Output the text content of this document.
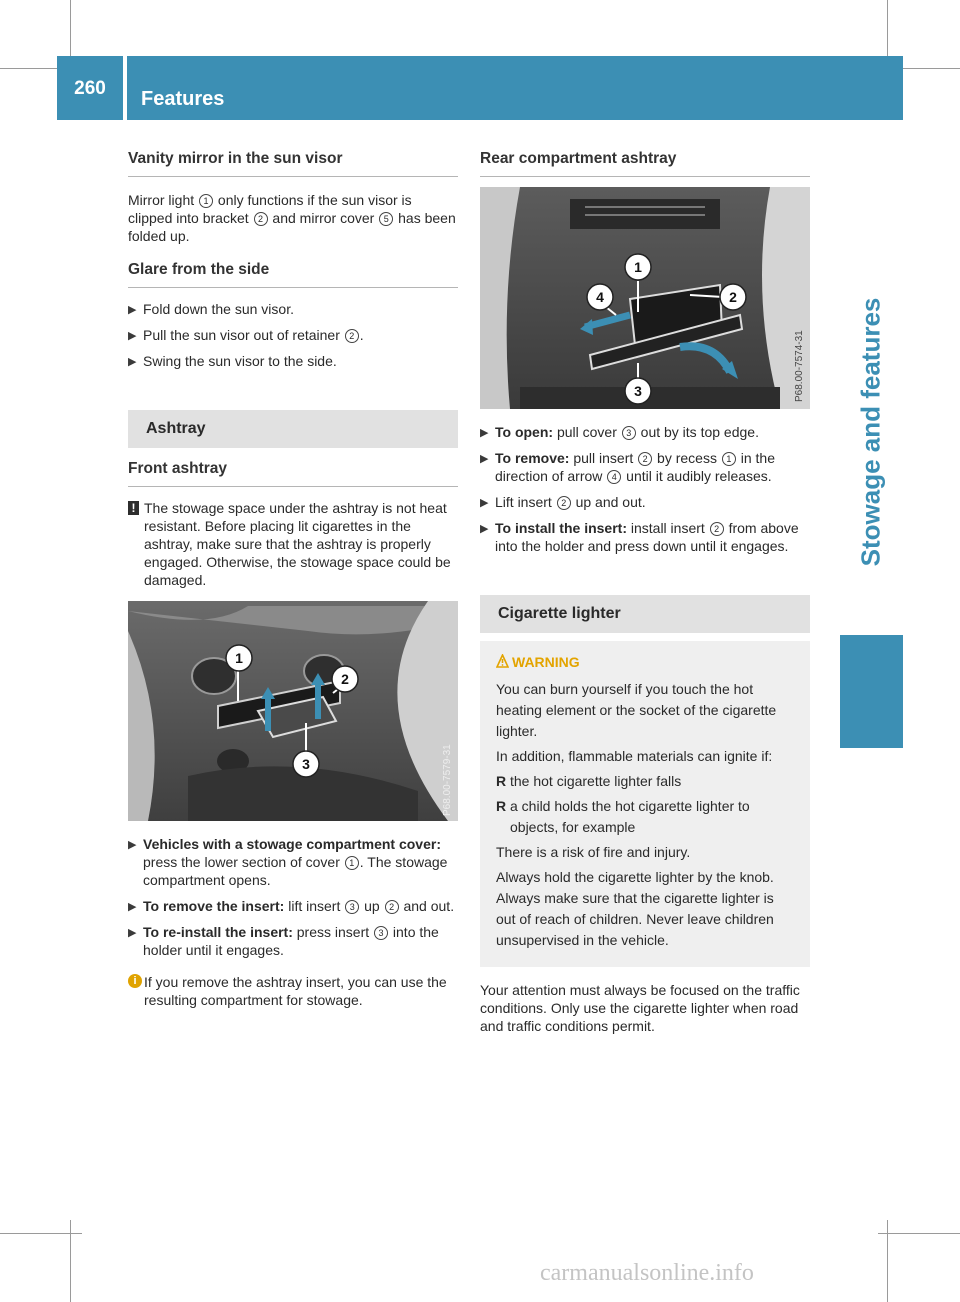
260	Features
Stowage and features
Vanity mirror in the sun visor

Mirror light 1 only functions if the sun visor is clipped into bracket 2 and mirror cover 5 has been folded up.

Glare from the side
▶ Fold down the sun visor.
▶ Pull the sun visor out of retainer 2 .
▶ Swing the sun visor to the side.
Ashtray
Front ashtray
! The stowage space under the ashtray is not heat resistant. Before placing lit cigarettes in the ashtray, make sure that the ashtray is properly engaged. Otherwise, the stowage space could be damaged.
1
2
3	P68.00-7579-31
▶ Vehicles with a stowage compartment cover: press the lower section of cover 1 . The stowage compartment opens.
▶ To remove the insert: lift insert 3 up 2 and out.
▶ To re-install the insert: press insert 3 into the holder until it engages.
i If you remove the ashtray insert, you can use the resulting compartment for stowage.
Rear compartment ashtray
1
2
3
4
P68.00-7574-31
▶ To open: pull cover 3 out by its top edge.
▶ To remove: pull insert 2 by recess 1 in the direction of arrow 4 until it audibly releases.
▶ Lift insert 2 up and out.
▶ To install the insert: install insert 2 from above into the holder and press down until it engages.
Cigarette lighter
WARNING

You can burn yourself if you touch the hot heating element or the socket of the cigarette lighter.

In addition, flammable materials can ignite if:

R the hot cigarette lighter falls
R a child holds the hot cigarette lighter to objects, for example

There is a risk of fire and injury.

Always hold the cigarette lighter by the knob. Always make sure that the cigarette lighter is out of reach of children. Never leave children unsupervised in the vehicle.

Your attention must always be focused on the traffic conditions. Only use the cigarette lighter when road and traffic conditions permit.

carmanualsonline.info
